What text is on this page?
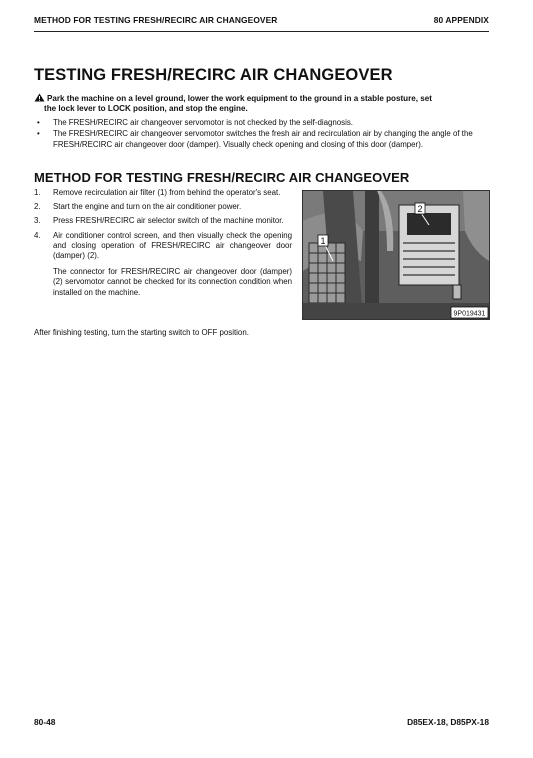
METHOD FOR TESTING FRESH/RECIRC AIR CHANGEOVER	80 APPENDIX
TESTING FRESH/RECIRC AIR CHANGEOVER
Park the machine on a level ground, lower the work equipment to the ground in a stable posture, set
the lock lever to LOCK position, and stop the engine.
• The FRESH/RECIRC air changeover servomotor is not checked by the self-diagnosis.
• The FRESH/RECIRC air changeover servomotor switches the fresh air and recirculation air by changing the angle of the FRESH/RECIRC air changeover door (damper). Visually check opening and closing of this door (damper).
METHOD FOR TESTING FRESH/RECIRC AIR CHANGEOVER
1. Remove recirculation air filter (1) from behind the operator's seat.

2. Start the engine and turn on the air conditioner power.

3. Press FRESH/RECIRC air selector switch of the machine monitor.

4. Air conditioner control screen, and then visually check the opening and closing operation of FRESH/RECIRC air changeover door (damper) (2).

The connector for FRESH/RECIRC air changeover door (damper) (2) servomotor cannot be checked for its connection condition when installed on the machine.

After finishing testing, turn the starting switch to OFF position.
1
2
9P019431
80-48	D85EX-18, D85PX-18
